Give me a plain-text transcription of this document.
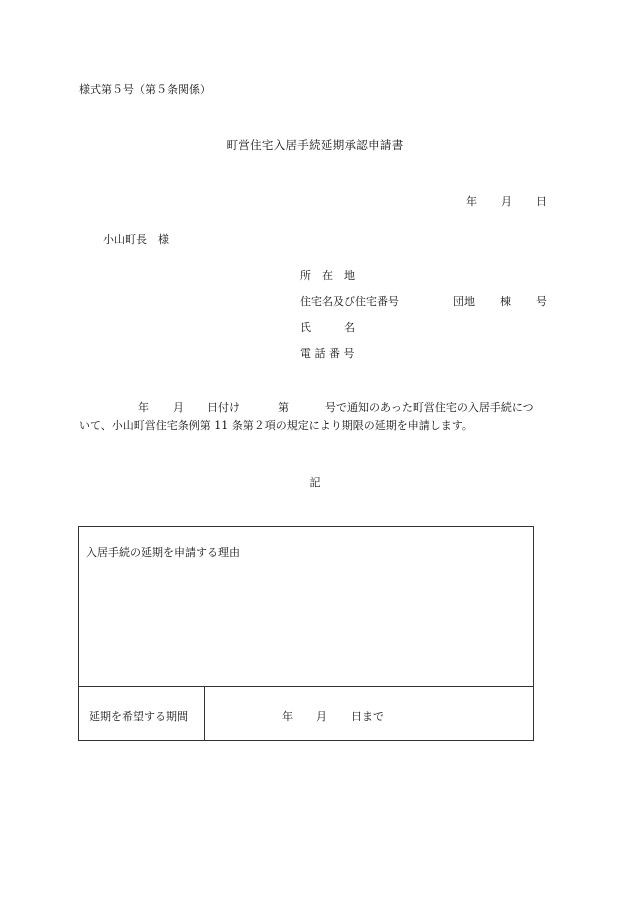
様式第５号（第５条関係）
町営住宅入居手続延期承認申請書
年 月 日
小山町長　様
所　在　地
住宅名及び住宅番号	団地 棟 号
氏　　　名
電 話 番 号
年 月 日付け	第	号で通知のあった町営住宅の入居手続につ
いて、小山町営住宅条例第 11 条第２項の規定により期限の延期を申請します。
記
入居手続の延期を申請する理由
延期を希望する期間	年 月 日まで
